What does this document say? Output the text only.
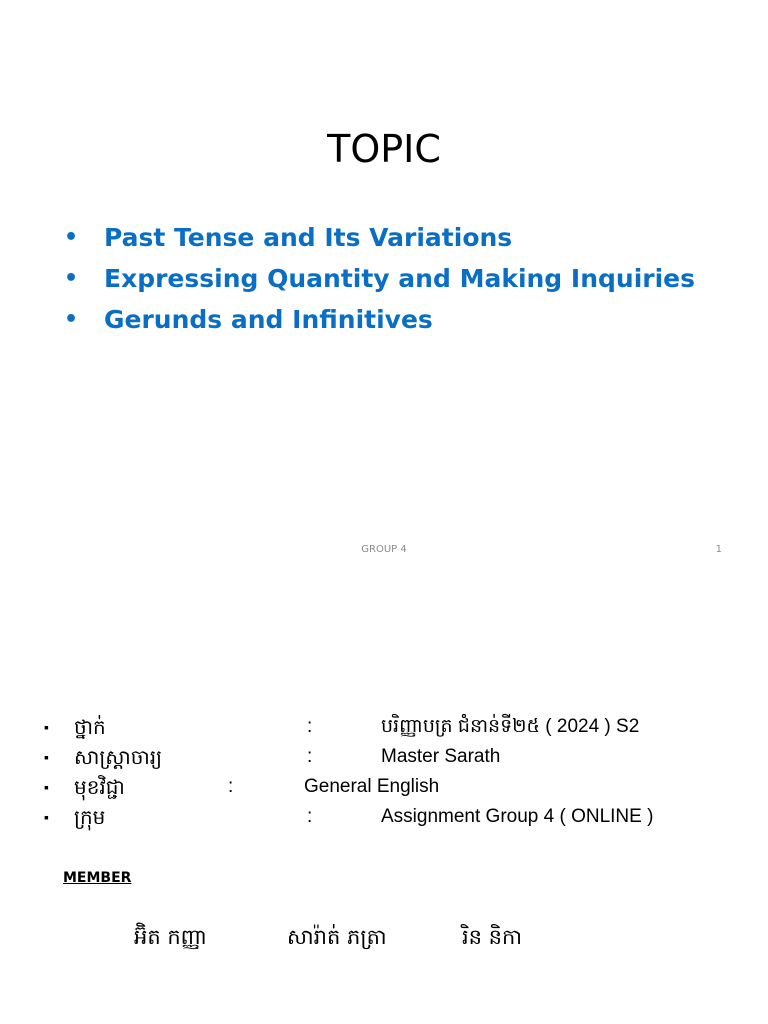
TOPIC
• Past Tense and Its Variations
• Expressing Quantity and Making Inquiries
• Gerunds and Infinitives
GROUP 4	1
▪ ថ្នាក់	:	បរិញ្ញាបត្រ ជំនាន់ទី២៥ ( 2024 ) S2
▪ សាស្ត្រាចារ្យ	:	Master Sarath
▪ មុខវិជ្ជា	:	General English
▪ ក្រុម	:	Assignment Group 4 ( ONLINE )
MEMBER
អ៊ិត កញ្ញា	សារ៉ាត់ ភត្រា	រិន និកា
